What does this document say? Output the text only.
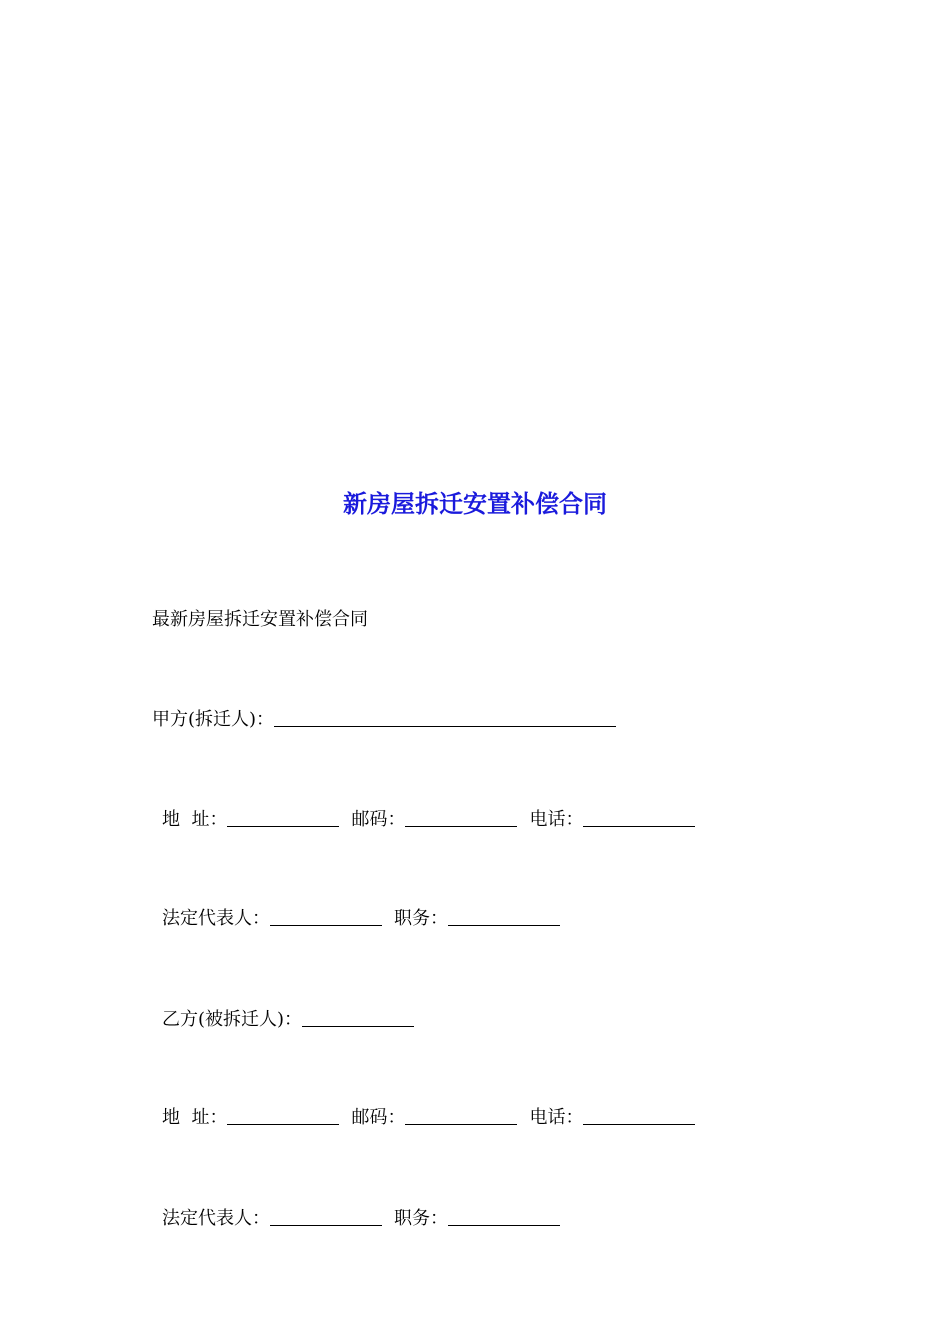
新房屋拆迁安置补偿合同

最新房屋拆迁安置补偿合同

甲方(拆迁人)：
地  址：	邮码：	电话：
法定代表人：	职务：
乙方(被拆迁人)：
地  址：	邮码：	电话：
法定代表人：	职务：
